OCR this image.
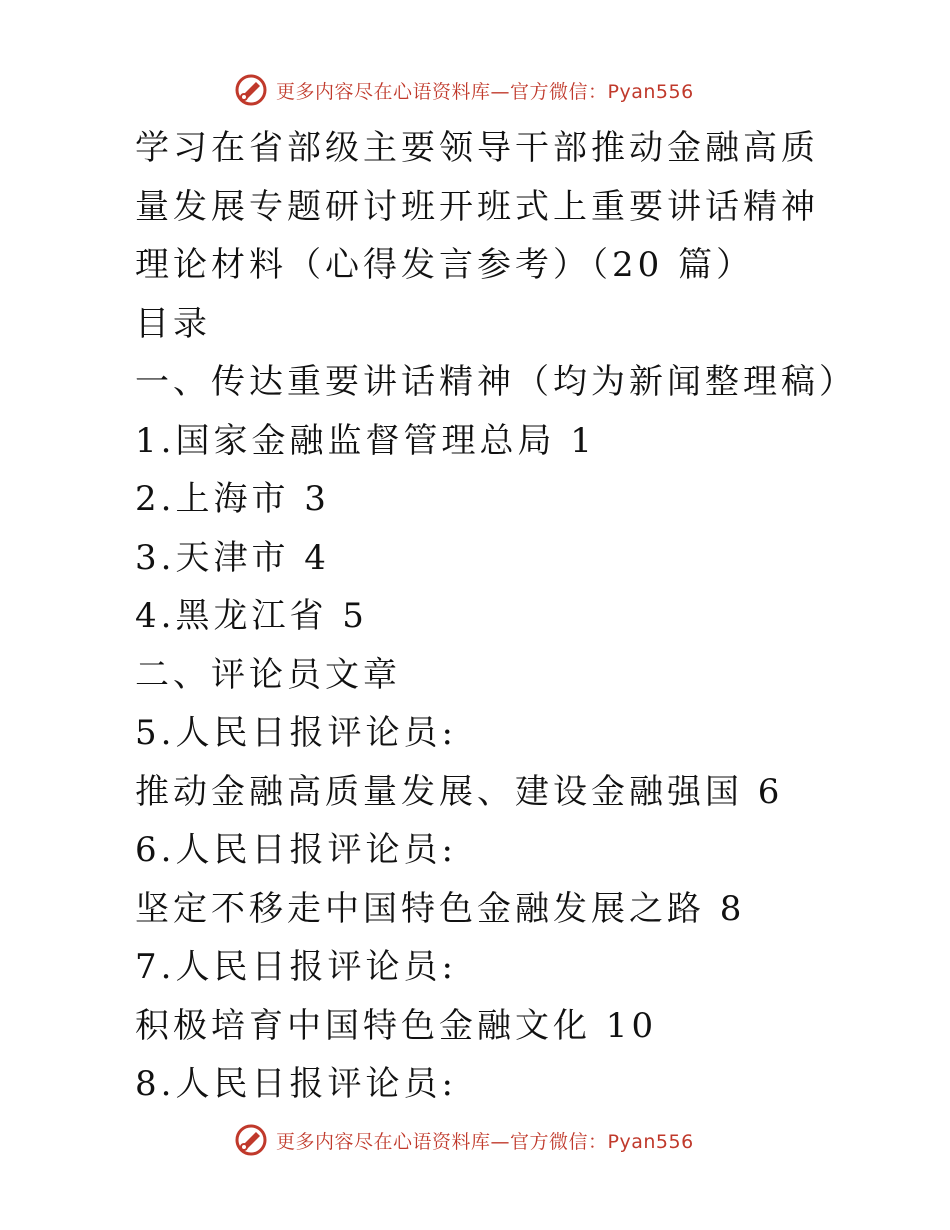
更多内容尽在心语资料库—官方微信：Pyan556
学习在省部级主要领导干部推动金融高质
量发展专题研讨班开班式上重要讲话精神
理论材料（心得发言参考）（20 篇）
目录
一、传达重要讲话精神（均为新闻整理稿）
1.国家金融监督管理总局 1
2.上海市 3
3.天津市 4
4.黑龙江省 5
二、评论员文章
5.人民日报评论员:
推动金融高质量发展、建设金融强国 6
6.人民日报评论员:
坚定不移走中国特色金融发展之路 8
7.人民日报评论员:
积极培育中国特色金融文化 10
8.人民日报评论员:
更多内容尽在心语资料库—官方微信：Pyan556
